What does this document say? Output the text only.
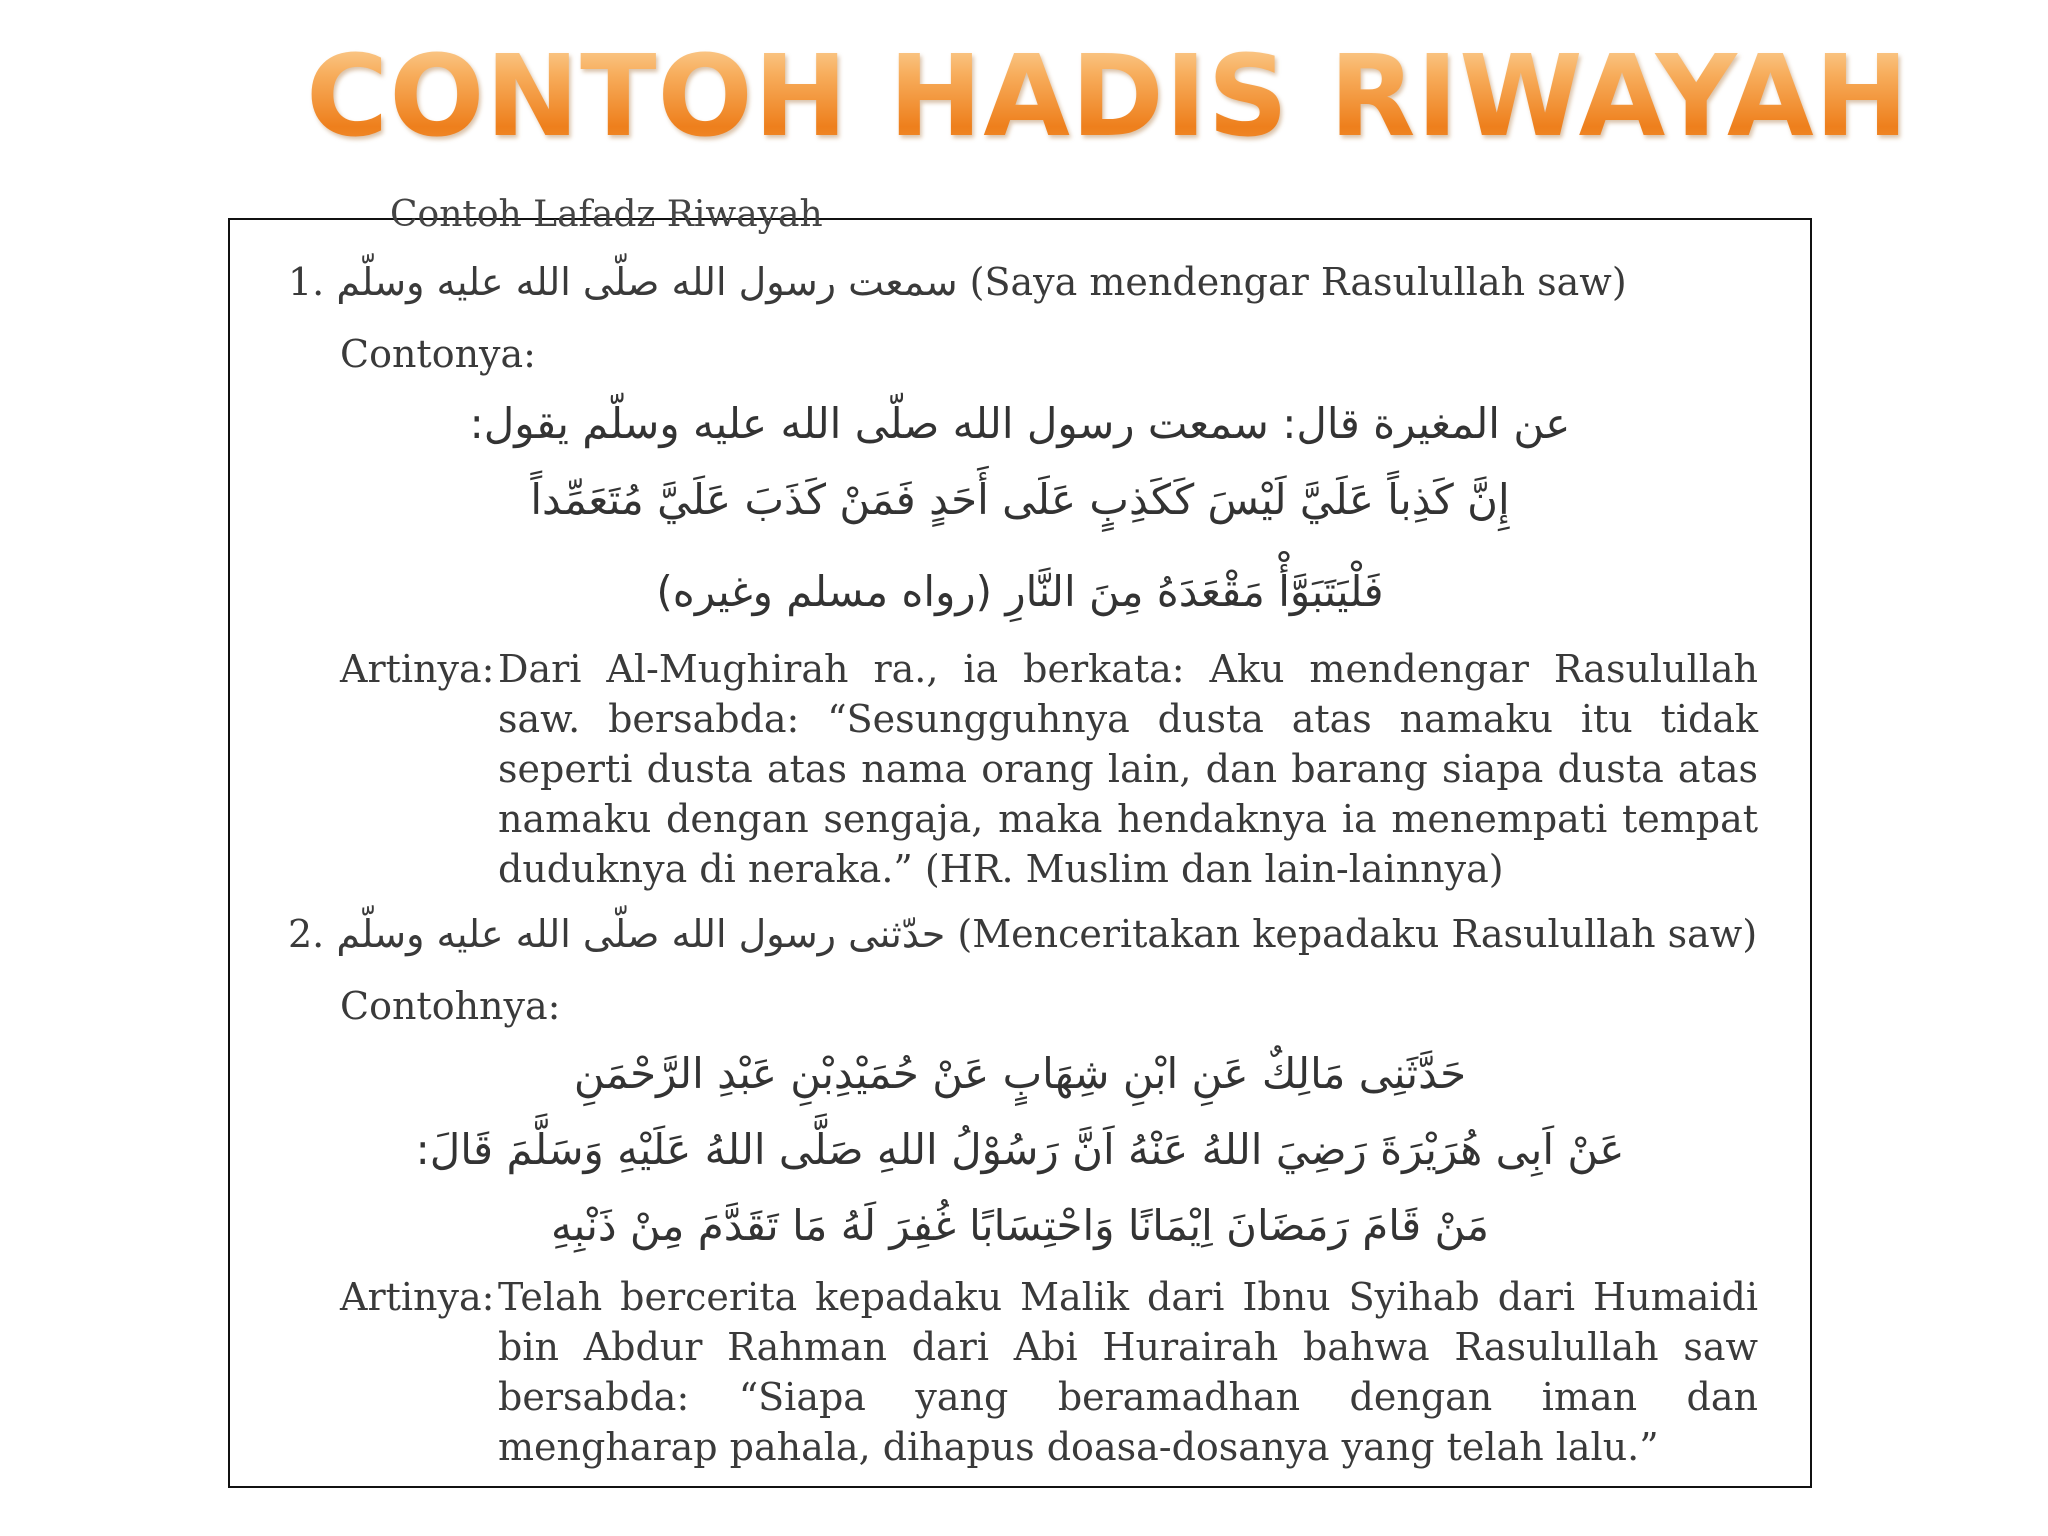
CONTOH HADIS RIWAYAH
Contoh Lafadz Riwayah
1. سمعت رسول الله صلّى الله عليه وسلّم (Saya mendengar Rasulullah saw)
Contonya:
عن المغيرة قال: سمعت رسول الله صلّى الله عليه وسلّم يقول:
إِنَّ كَذِباً عَلَيَّ لَيْسَ كَكَذِبٍ عَلَى أَحَدٍ فَمَنْ كَذَبَ عَلَيَّ مُتَعَمِّداً
فَلْيَتَبَوَّأْ مَقْعَدَهُ مِنَ النَّارِ (رواه مسلم وغيره)
Artinya: Dari Al-Mughirah ra., ia berkata: Aku mendengar Rasulullah saw. bersabda: “Sesungguhnya dusta atas namaku itu tidak seperti dusta atas nama orang lain, dan barang siapa dusta atas namaku dengan sengaja, maka hendaknya ia menempati tempat duduknya di neraka.” (HR. Muslim dan lain-lainnya)
2. حدّثنى رسول الله صلّى الله عليه وسلّم (Menceritakan kepadaku Rasulullah saw)
Contohnya:
حَدَّثَنِى مَالِكٌ عَنِ ابْنِ شِهَابٍ عَنْ حُمَيْدِبْنِ عَبْدِ الرَّحْمَنِ
عَنْ اَبِى هُرَيْرَةَ رَضِيَ اللهُ عَنْهُ اَنَّ رَسُوْلُ اللهِ صَلَّى اللهُ عَلَيْهِ وَسَلَّمَ قَالَ:
مَنْ قَامَ رَمَضَانَ اِيْمَانًا وَاحْتِسَابًا غُفِرَ لَهُ مَا تَقَدَّمَ مِنْ ذَنْبِهِ
Artinya: Telah bercerita kepadaku Malik dari Ibnu Syihab dari Humaidi bin Abdur Rahman dari Abi Hurairah bahwa Rasulullah saw bersabda: “Siapa yang beramadhan dengan iman dan mengharap pahala, dihapus doasa-dosanya yang telah lalu.”
